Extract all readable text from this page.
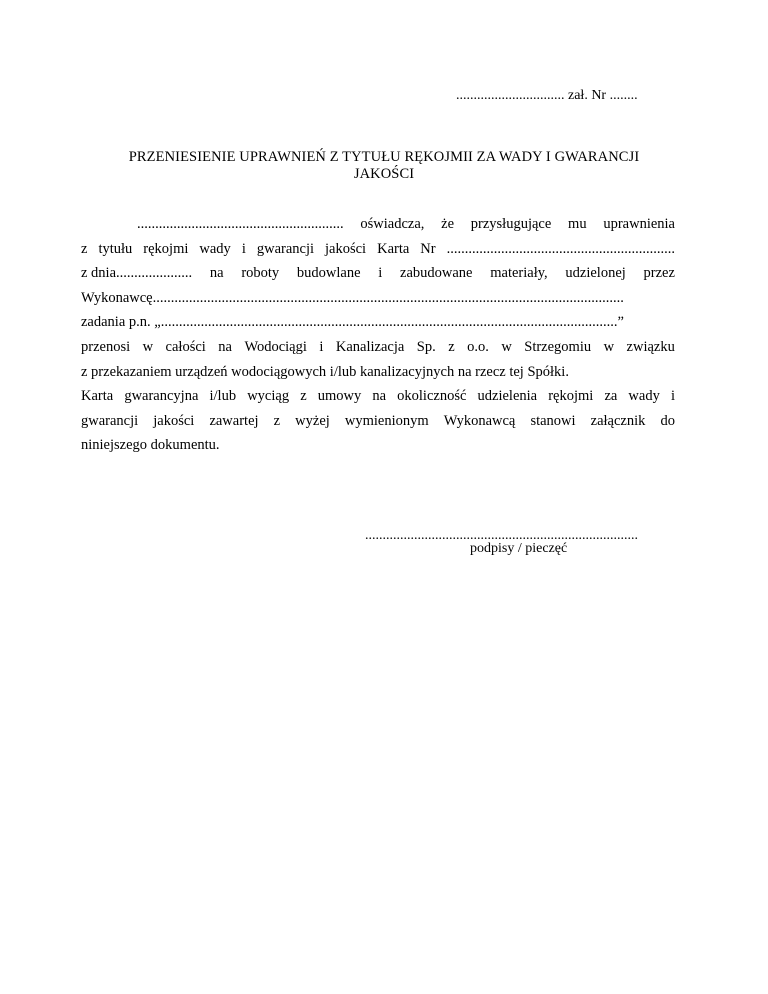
............................... zał. Nr ........
PRZENIESIENIE UPRAWNIEŃ Z TYTUŁU RĘKOJMII ZA WADY I GWARANCJI
JAKOŚCI
......................................................... oświadcza, że przysługujące mu uprawnienia
z tytułu rękojmi wady i gwarancji jakości Karta Nr ...............................................................
z dnia..................... na roboty budowlane i zabudowane materiały, udzielonej przez
Wykonawcę..................................................................................................................................
zadania p.n. „..............................................................................................................................”
przenosi w całości na Wodociągi i Kanalizacja Sp. z o.o. w Strzegomiu w związku
z przekazaniem urządzeń wodociągowych i/lub kanalizacyjnych na rzecz tej Spółki.
Karta gwarancyjna i/lub wyciąg z umowy na okoliczność udzielenia rękojmi za wady i
gwarancji jakości zawartej z wyżej wymienionym Wykonawcą stanowi załącznik do
niniejszego dokumentu.
..............................................................................
podpisy / pieczęć
